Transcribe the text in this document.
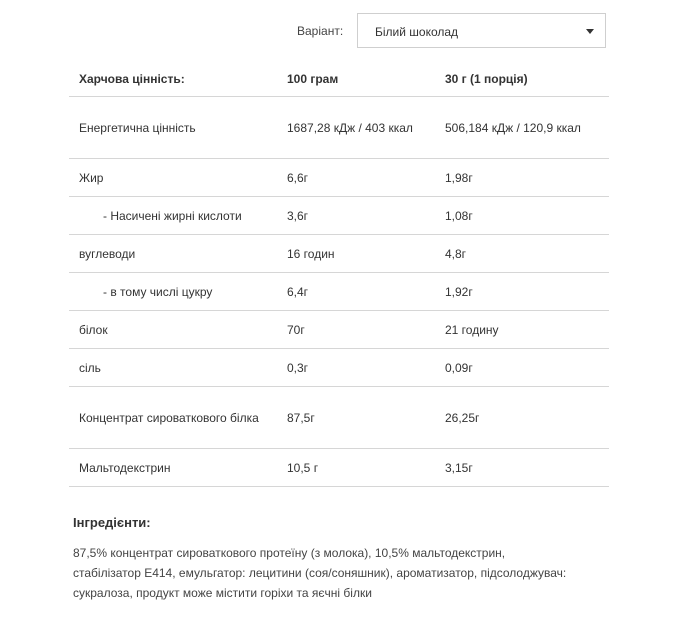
Варіант:	Білий шоколад
Харчова цінність:	100 грам	30 г (1 порція)
Енергетична цінність	1687,28 кДж / 403 ккал	506,184 кДж / 120,9 ккал
Жир	6,6г	1,98г
- Насичені жирні кислоти	3,6г	1,08г
вуглеводи	16 годин	4,8г
- в тому числі цукру	6,4г	1,92г
білок	70г	21 годину
сіль	0,3г	0,09г
Концентрат сироваткового білка	87,5г	26,25г
Мальтодекстрин	10,5 г	3,15г
Інгредієнти:
87,5% концентрат сироваткового протеїну (з молока), 10,5% мальтодекстрин, стабілізатор Е414, емульгатор: лецитини (соя/соняшник), ароматизатор, підсолоджувач: сукралоза, продукт може містити горіхи та яєчні білки
